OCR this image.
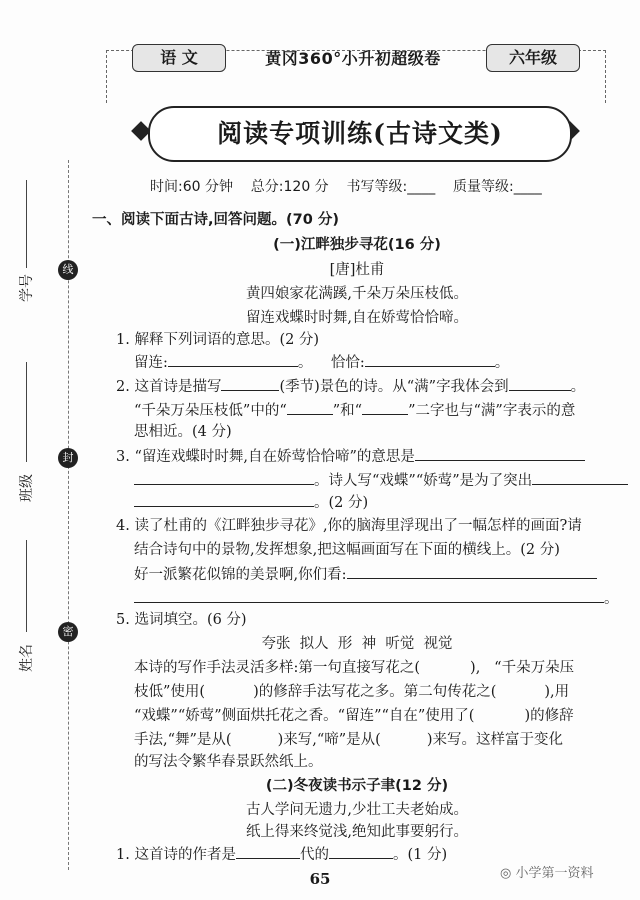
线
封
密
学号
班级
姓名
语 文	黄冈360°小升初超级卷	六年级
阅读专项训练(古诗文类)
时间:60 分钟 总分:120 分 书写等级:____ 质量等级:____
一、阅读下面古诗,回答问题。(70 分)
(一)江畔独步寻花(16 分)
[唐]杜甫
黄四娘家花满蹊,千朵万朵压枝低。
留连戏蝶时时舞,自在娇莺恰恰啼。
1. 解释下列词语的意思。(2 分)
留连:	。    恰恰:	。
2. 这首诗是描写	(季节)景色的诗。从“满”字我体会到	。
“千朵万朵压枝低”中的“	”和“	”二字也与“满”字表示的意
思相近。(4 分)
3. “留连戏蝶时时舞,自在娇莺恰恰啼”的意思是
。诗人写“戏蝶”“娇莺”是为了突出
。(2 分)
4. 读了杜甫的《江畔独步寻花》,你的脑海里浮现出了一幅怎样的画面?请
结合诗句中的景物,发挥想象,把这幅画面写在下面的横线上。(2 分)
好一派繁花似锦的美景啊,你们看:
。
5. 选词填空。(6 分)
夸张  拟人  形  神  听觉  视觉
本诗的写作手法灵活多样:第一句直接写花之(	), “千朵万朵压
枝低”使用(	)的修辞手法写花之多。第二句传花之(	),用
“戏蝶”“娇莺”侧面烘托花之香。“留连”“自在”使用了(	)的修辞
手法,“舞”是从(	)来写,“啼”是从(	)来写。这样富于变化
的写法令繁华春景跃然纸上。
(二)冬夜读书示子聿(12 分)
古人学问无遗力,少壮工夫老始成。
纸上得来终觉浅,绝知此事要躬行。
1. 这首诗的作者是	代的	。(1 分)
65	◎ 小学第一资料
